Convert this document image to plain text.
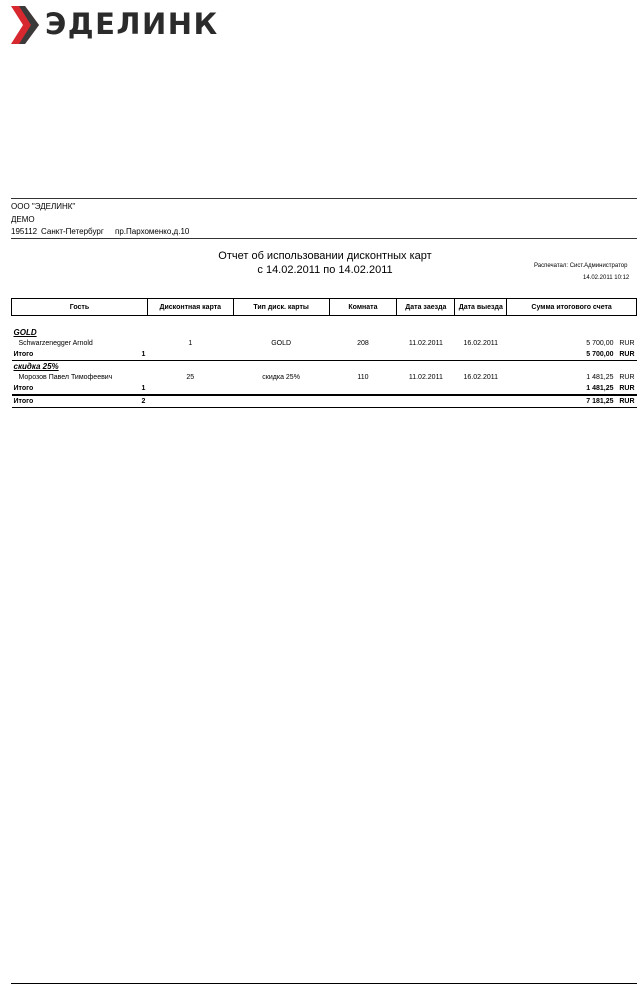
ЭДЕЛИНК
ООО "ЭДЕЛИНК"
ДЕМО
195112 Санкт-Петербург пр.Пархоменко,д.10
Отчет об использовании дисконтных карт
с 14.02.2011 по 14.02.2011	Распечатал: Сист.Администратор
14.02.2011 10:12
Гость	Дисконтная карта	Тип диск. карты	Комната	Дата заезда	Дата выезда	Сумма итогового счета

GOLD						
Schwarzenegger Arnold	1	GOLD	208	11.02.2011	16.02.2011	5 700,00 RUR
Итого 1						5 700,00 RUR
скидка 25%						
Морозов Павел Тимофеевич	25	скидка 25%	110	11.02.2011	16.02.2011	1 481,25 RUR
Итого 1						1 481,25 RUR
Итого 2						7 181,25 RUR
